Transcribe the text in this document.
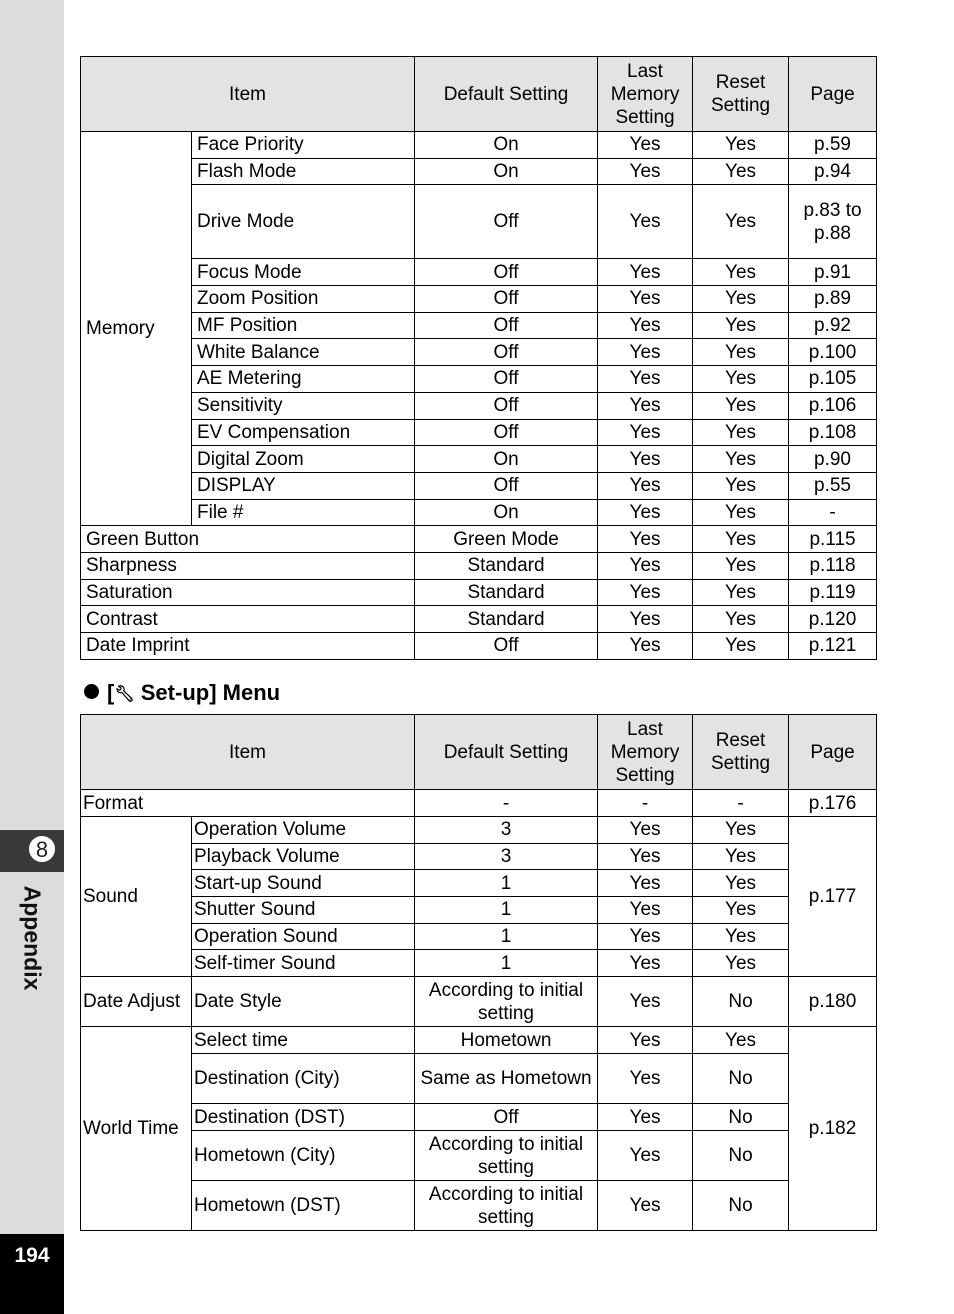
8
Appendix
194
Item		Default Setting	Last Memory Setting	Reset Setting	Page
Memory	Face Priority	On	Yes	Yes	p.59
	Flash Mode	On	Yes	Yes	p.94
	Drive Mode	Off	Yes	Yes	p.83 to p.88
	Focus Mode	Off	Yes	Yes	p.91
	Zoom Position	Off	Yes	Yes	p.89
	MF Position	Off	Yes	Yes	p.92
	White Balance	Off	Yes	Yes	p.100
	AE Metering	Off	Yes	Yes	p.105
	Sensitivity	Off	Yes	Yes	p.106
	EV Compensation	Off	Yes	Yes	p.108
	Digital Zoom	On	Yes	Yes	p.90
	DISPLAY	Off	Yes	Yes	p.55
	File #	On	Yes	Yes	-
Green Button		Green Mode	Yes	Yes	p.115
Sharpness		Standard	Yes	Yes	p.118
Saturation		Standard	Yes	Yes	p.119
Contrast		Standard	Yes	Yes	p.120
Date Imprint		Off	Yes	Yes	p.121
[🔧︎ Set-up] Menu
Item		Default Setting	Last Memory Setting	Reset Setting	Page
Format		-	-	-	p.176
Sound	Operation Volume	3	Yes	Yes	p.177
	Playback Volume	3	Yes	Yes	
	Start-up Sound	1	Yes	Yes	
	Shutter Sound	1	Yes	Yes	
	Operation Sound	1	Yes	Yes	
	Self-timer Sound	1	Yes	Yes	
Date Adjust	Date Style	According to initial setting	Yes	No	p.180
World Time	Select time	Hometown	Yes	Yes	p.182
	Destination (City)	Same as Hometown	Yes	No	
	Destination (DST)	Off	Yes	No	
	Hometown (City)	According to initial setting	Yes	No	
	Hometown (DST)	According to initial setting	Yes	No	
